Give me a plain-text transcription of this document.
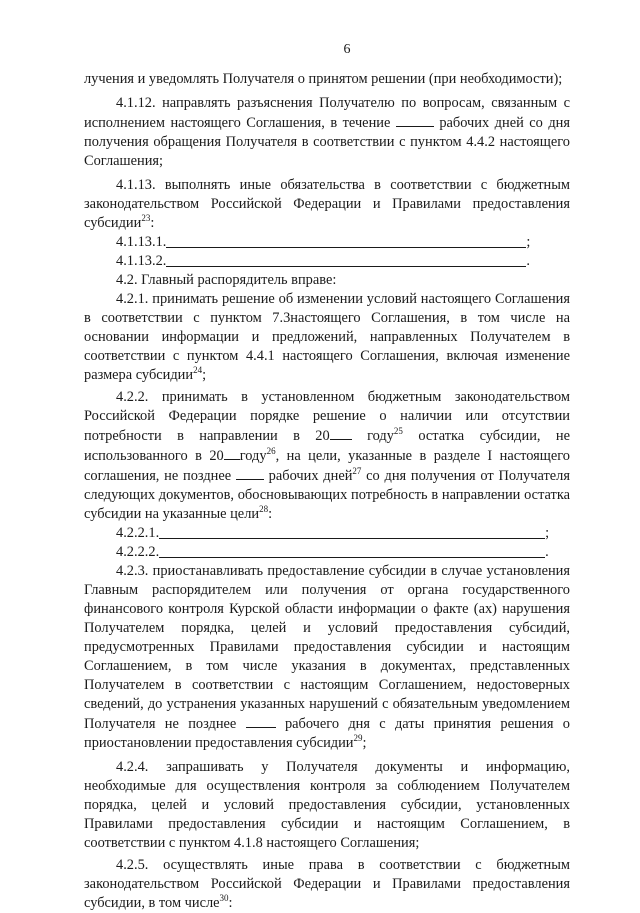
6

лучения и уведомлять Получателя о принятом решении (при необходимости);

4.1.12. направлять разъяснения Получателю по вопросам, связанным с исполнением настоящего Соглашения, в течение	рабочих дней со дня получения обращения Получателя в соответствии с пунктом 4.4.2 настоящего Соглашения;

4.1.13. выполнять иные обязательства в соответствии с бюджетным законодательством Российской Федерации и Правилами предоставления субсидии$^{23}$:

4.1.13.1.	;
4.1.13.2.	.

4.2. Главный распорядитель вправе:

4.2.1. принимать решение об изменении условий настоящего Соглашения в соответствии с пунктом 7.3настоящего Соглашения, в том числе на основании информации и предложений, направленных Получателем в соответствии с пунктом 4.4.1 настоящего Соглашения, включая изменение размера субсидии$^{24}$;

4.2.2. принимать в установленном бюджетным законодательством Российской Федерации порядке решение о наличии или отсутствии потребности в направлении в 20	году$^{25}$ остатка субсидии, не использованного в 20 году$^{26}$, на цели, указанные в разделе I настоящего соглашения, не позднее	рабочих дней$^{27}$ со дня получения от Получателя следующих документов, обосновывающих потребность в направлении остатка субсидии на указанные цели$^{28}$:

4.2.2.1.	;
4.2.2.2.	.

4.2.3. приостанавливать предоставление субсидии в случае установления Главным распорядителем или получения от органа государственного финансового контроля Курской области информации о факте (ах) нарушения Получателем порядка, целей и условий предоставления субсидий, предусмотренных Правилами предоставления субсидии и настоящим Соглашением, в том числе указания в документах, представленных Получателем в соответствии с настоящим Соглашением, недостоверных сведений, до устранения указанных нарушений с обязательным уведомлением Получателя не позднее	рабочего дня с даты принятия решения о приостановлении предоставления субсидии$^{29}$;

4.2.4. запрашивать у Получателя документы и информацию, необходимые для осуществления контроля за соблюдением Получателем порядка, целей и условий предоставления субсидии, установленных Правилами предоставления субсидии и настоящим Соглашением, в соответствии с пунктом 4.1.8 настоящего Соглашения;

4.2.5. осуществлять иные права в соответствии с бюджетным законодательством Российской Федерации и Правилами предоставления субсидии, в том числе$^{30}$:
